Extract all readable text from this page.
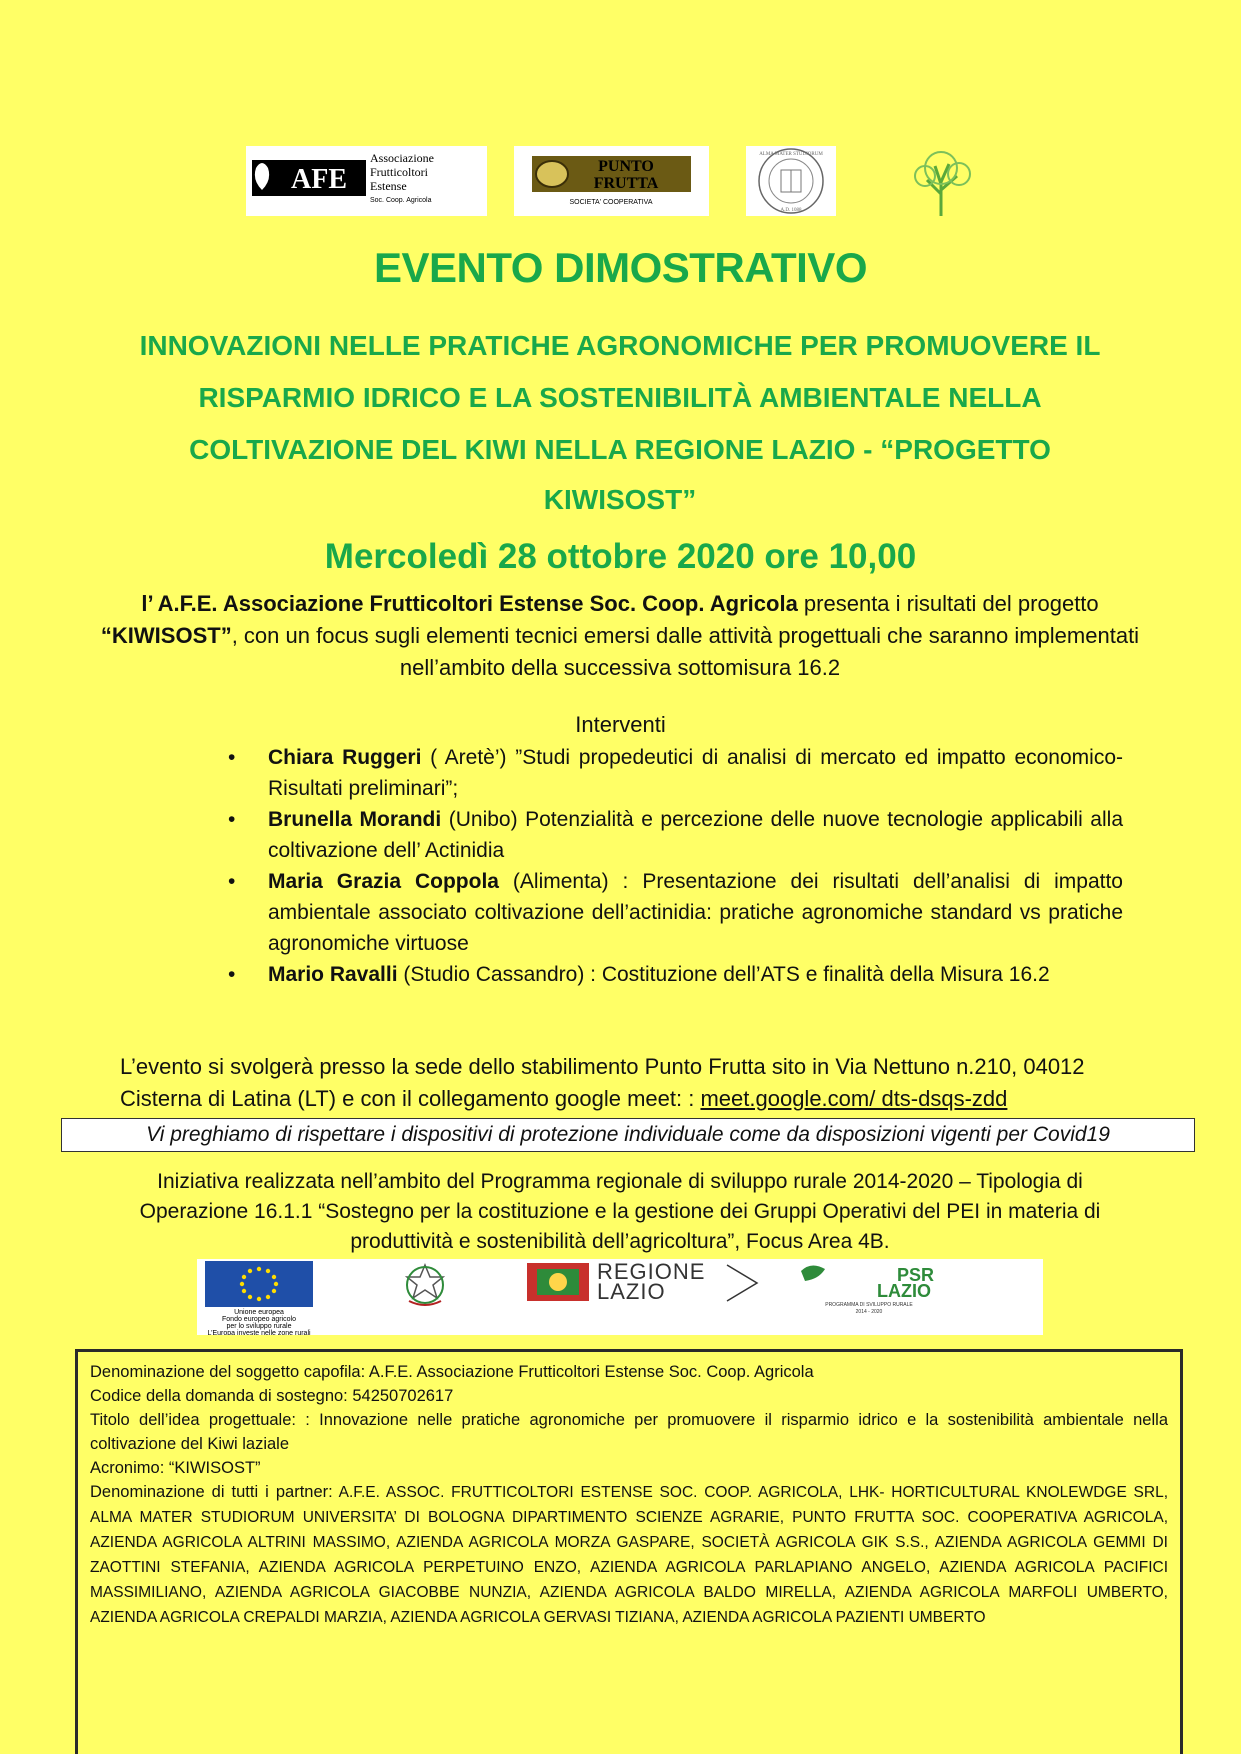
AFE
Associazione
Frutticoltori
Estense
Soc. Coop. Agricola
PUNTO
FRUTTA
SOCIETA' COOPERATIVA
ALMA MATER STUDIORUM
A.D. 1088
EVENTO DIMOSTRATIVO
INNOVAZIONI NELLE PRATICHE AGRONOMICHE PER PROMUOVERE IL
RISPARMIO IDRICO E LA SOSTENIBILITÀ AMBIENTALE NELLA
COLTIVAZIONE DEL KIWI NELLA REGIONE LAZIO - “PROGETTO
KIWISOST”
Mercoledì 28 ottobre 2020 ore 10,00
l’ A.F.E. Associazione Frutticoltori Estense Soc. Coop. Agricola presenta i risultati del progetto “KIWISOST”, con un focus sugli elementi tecnici emersi dalle attività progettuali che saranno implementati nell’ambito della successiva sottomisura 16.2
Interventi
• Chiara Ruggeri ( Aretè’) ”Studi propedeutici di analisi di mercato ed impatto economico-Risultati preliminari”;
• Brunella Morandi (Unibo) Potenzialità e percezione delle nuove tecnologie applicabili alla coltivazione dell’ Actinidia
• Maria Grazia Coppola (Alimenta) : Presentazione dei risultati dell’analisi di impatto ambientale associato coltivazione dell’actinidia: pratiche agronomiche standard vs pratiche agronomiche virtuose
• Mario Ravalli (Studio Cassandro) : Costituzione dell’ATS e finalità della Misura 16.2
L’evento si svolgerà presso la sede dello stabilimento Punto Frutta sito in Via Nettuno n.210, 04012 Cisterna di Latina (LT) e con il collegamento google meet: : meet.google.com/ dts-dsqs-zdd
Vi preghiamo di rispettare i dispositivi di protezione individuale come da disposizioni vigenti per Covid19
Iniziativa realizzata nell’ambito del Programma regionale di sviluppo rurale 2014-2020 – Tipologia di Operazione 16.1.1 “Sostegno per la costituzione e la gestione dei Gruppi Operativi del PEI in materia di produttività e sostenibilità dell’agricoltura”, Focus Area 4B.
Unione europea
Fondo europeo agricolo
per lo sviluppo rurale
L’Europa investe nelle zone rurali
REGIONE
LAZIO
PSR
LAZIO
PROGRAMMA DI SVILUPPO RURALE
2014 - 2020

Denominazione del soggetto capofila: A.F.E. Associazione Frutticoltori Estense Soc. Coop. Agricola

Codice della domanda di sostegno: 54250702617

Titolo dell’idea progettuale: : Innovazione nelle pratiche agronomiche per promuovere il risparmio idrico e la sostenibilità ambientale nella coltivazione del Kiwi laziale

Acronimo: “KIWISOST”

Denominazione di tutti i partner: A.F.E. ASSOC. FRUTTICOLTORI ESTENSE SOC. COOP. AGRICOLA, LHK- HORTICULTURAL KNOLEWDGE SRL, ALMA MATER STUDIORUM UNIVERSITA’ DI BOLOGNA DIPARTIMENTO SCIENZE AGRARIE, PUNTO FRUTTA SOC. COOPERATIVA AGRICOLA, AZIENDA AGRICOLA ALTRINI MASSIMO, AZIENDA AGRICOLA MORZA GASPARE, SOCIETÀ AGRICOLA GIK S.S., AZIENDA AGRICOLA GEMMI DI ZAOTTINI STEFANIA, AZIENDA AGRICOLA PERPETUINO ENZO, AZIENDA AGRICOLA PARLAPIANO ANGELO, AZIENDA AGRICOLA PACIFICI MASSIMILIANO, AZIENDA AGRICOLA GIACOBBE NUNZIA, AZIENDA AGRICOLA BALDO MIRELLA, AZIENDA AGRICOLA MARFOLI UMBERTO, AZIENDA AGRICOLA CREPALDI MARZIA, AZIENDA AGRICOLA GERVASI TIZIANA, AZIENDA AGRICOLA PAZIENTI UMBERTO
